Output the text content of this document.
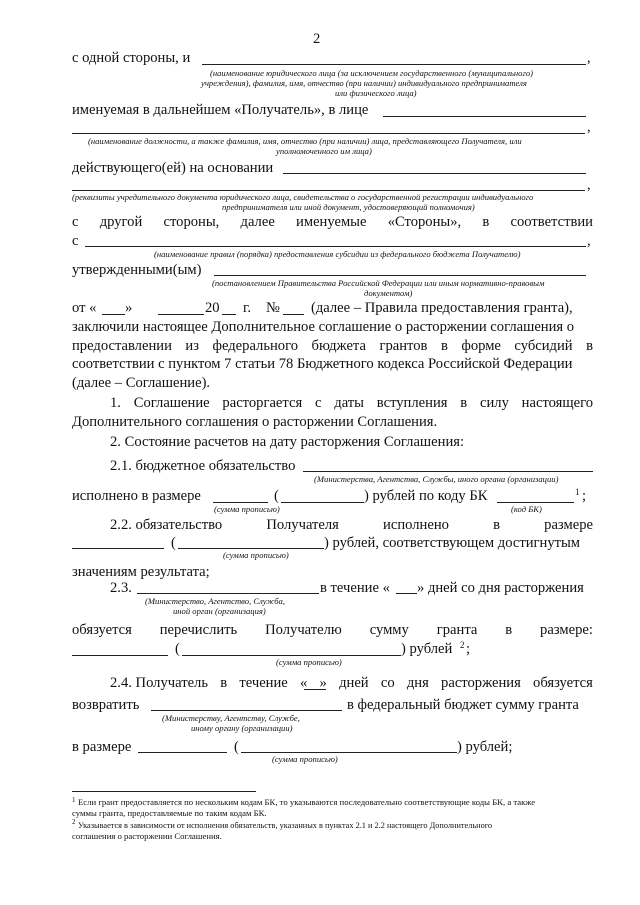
2
с одной стороны, и	,
(наименование юридического лица (за исключением государственного (муниципального)
учреждения), фамилия, имя, отчество (при наличии) индивидуального предпринимателя
или физического лица)
именуемая в дальнейшем «Получатель», в лице
,
(наименование должности, а также фамилия, имя, отчество (при наличии) лица, представляющего Получателя, или
уполномоченного им лица)
действующего(ей) на основании
,
(реквизиты учредительного документа юридического лица, свидетельства о государственной регистрации индивидуального
предпринимателя или иной документ, удостоверяющий полномочия)
с другой стороны, далее именуемые «Стороны», в соответствии
с	,
(наименование правил (порядка) предоставления субсидии из федерального бюджета Получателю)
утвержденными(ым)
(постановлением Правительства Российской Федерации или иным нормативно-правовым
документом)
от « »	20 г. № (далее – Правила предоставления гранта),
заключили настоящее Дополнительное соглашение о расторжении соглашения о
предоставлении из федерального бюджета грантов в форме субсидий в
соответствии с пунктом 7 статьи 78 Бюджетного кодекса Российской Федерации
(далее – Соглашение).
1. Соглашение расторгается с даты вступления в силу настоящего
Дополнительного соглашения о расторжении Соглашения.
2. Состояние расчетов на дату расторжения Соглашения:
2.1. бюджетное обязательство
(Министерства, Агентства, Службы, иного органа (организации)
исполнено в размере	(	) рублей по коду БК	1 ;
(сумма прописью)	(код БК)
2.2. обязательство	Получателя	исполнено	в	размере
(	) рублей, соответствующем достигнутым
(сумма прописью)
значениям результата;
2.3.	в течение « » дней со дня расторжения
(Министерство, Агентство, Служба,
иной орган (организация)
обязуется перечислить Получателю сумму гранта в размере:
(	) рублей 2 ;
(сумма прописью)
2.4. Получатель в течение « » дней со дня расторжения обязуется
возвратить	в федеральный бюджет сумму гранта
(Министерству, Агентству, Службе,
иному органу (организации)
в размере	(	) рублей;
(сумма прописью)
1 Если грант предоставляется по нескольким кодам БК, то указываются последовательно соответствующие коды БК, а также
суммы гранта, предоставляемые по таким кодам БК.
2 Указывается в зависимости от исполнения обязательств, указанных в пунктах 2.1 и 2.2 настоящего Дополнительного
соглашения о расторжении Соглашения.
